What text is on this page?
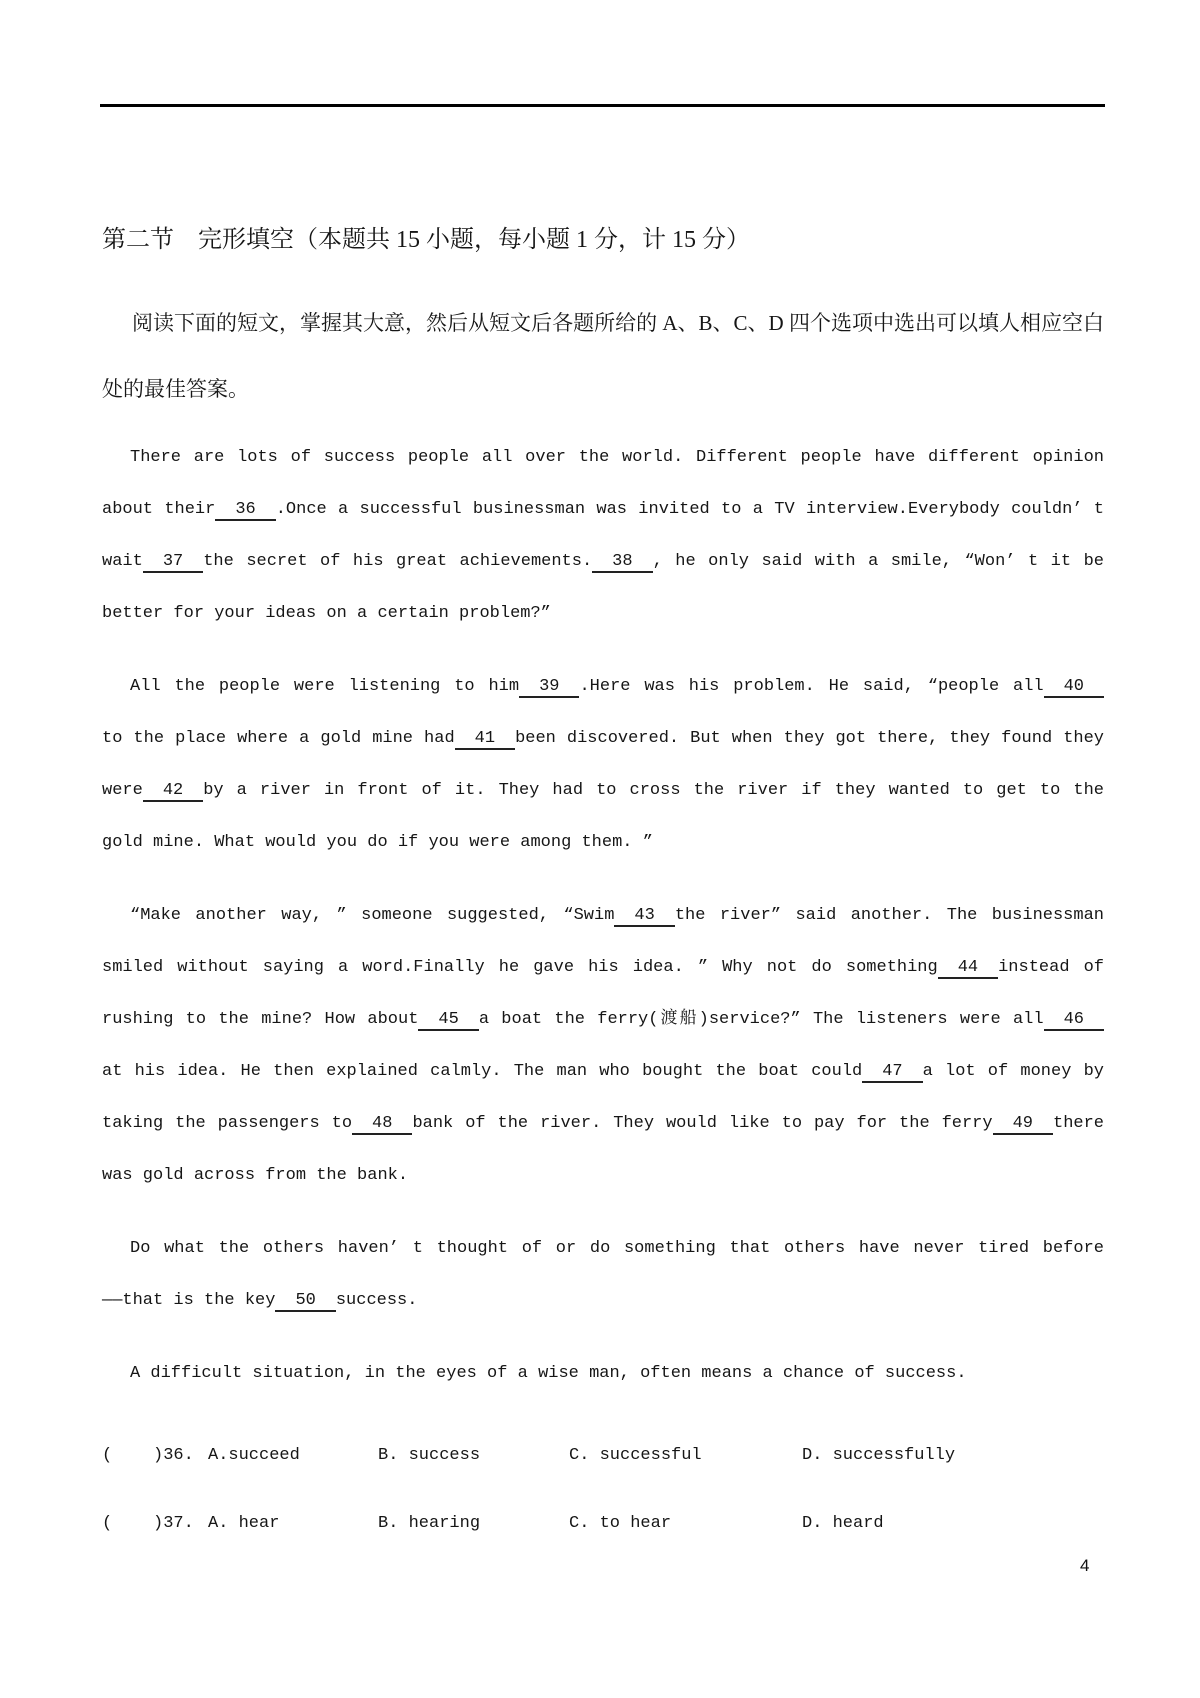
第二节　完形填空（本题共 15 小题，每小题 1 分，计 15 分）
阅读下面的短文，掌握其大意，然后从短文后各题所给的 A、B、C、D 四个选项中选出可以填人相应空白
处的最佳答案。
There are lots of success people all over the world. Different people have different opinion
about their 36 .Once a successful businessman was invited to a TV interview.Everybody couldn’ t
wait 37 the secret of his great achievements. 38 , he only said with a smile, “Won’ t it be
better for your ideas on a certain problem?”
All the people were listening to him 39 .Here was his problem. He said, “people all 40
to the place where a gold mine had 41 been discovered. But when they got there, they found they
were 42 by a river in front of it. They had to cross the river if they wanted to get to the
gold mine. What would you do if you were among them. ”
“Make another way, ” someone suggested, “Swim 43 the river” said another. The businessman
smiled without saying a word.Finally he gave his idea. ” Why not do something 44 instead of
rushing to the mine? How about 45 a boat the ferry(渡船)service?” The listeners were all 46
at his idea. He then explained calmly. The man who bought the boat could 47 a lot of money by
taking the passengers to 48 bank of the river. They would like to pay for the ferry 49 there
was gold across from the bank.
Do what the others haven’ t thought of or do something that others have never tired before
——that is the key 50 success.
A difficult situation, in the eyes of a wise man, often means a chance of success.
(    )36. A.succeed	B. success	C. successful	D. successfully
(    )37. A. hear	B. hearing	C. to hear	D. heard
4
